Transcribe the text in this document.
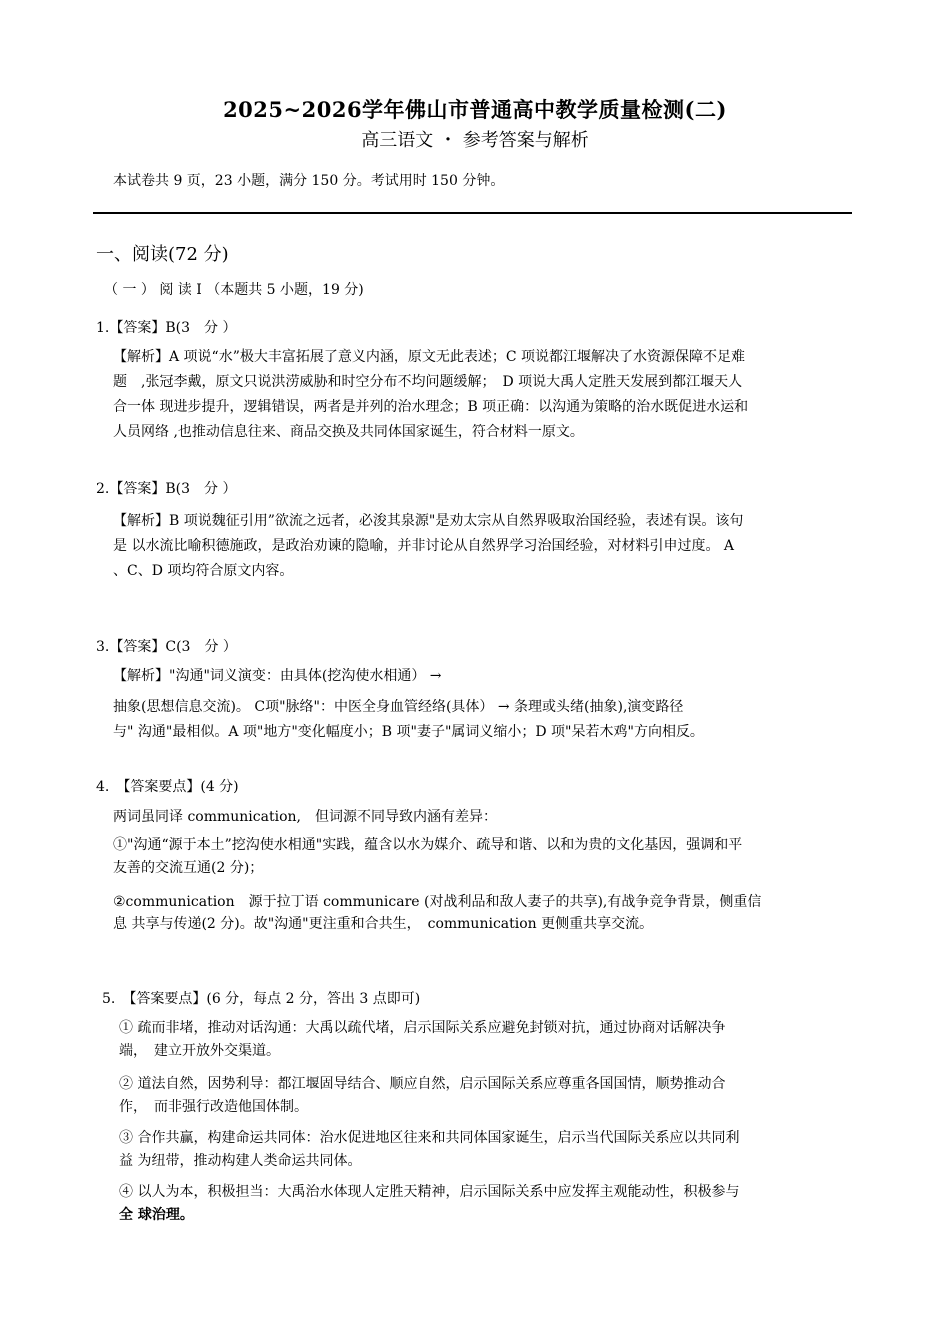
2025~2026学年佛山市普通高中教学质量检测(二)
高三语文 ・ 参考答案与解析
本试卷共 9 页，23 小题，满分 150 分。考试用时 150 分钟。
一、阅读(72 分)
（ 一 ） 阅 读 I （本题共 5 小题，19 分)
1.【答案】B(3　分 ）
【解析】A 项说“水”极大丰富拓展了意义内涵，原文无此表述；C 项说都江堰解决了水资源保障不足难
题　,张冠李戴，原文只说洪涝威胁和时空分布不均问题缓解；　D 项说大禹人定胜天发展到都江堰天人
合一体 现进步提升，逻辑错误，两者是并列的治水理念；B 项正确：以沟通为策略的治水既促进水运和
人员网络 ,也推动信息往来、商品交换及共同体国家诞生，符合材料一原文。
2.【答案】B(3　分 ）
【解析】B 项说魏征引用”欲流之远者，必浚其泉源"是劝太宗从自然界吸取治国经验，表述有误。该句
是 以水流比喻积德施政，是政治劝谏的隐喻，并非讨论从自然界学习治国经验，对材料引申过度。 A
、C、D 项均符合原文内容。
3.【答案】C(3　分 ）
【解析】"沟通"词义演变：由具体(挖沟使水相通） →
抽象(思想信息交流)。 C项"脉络"：中医全身血管经络(具体） → 条理或头绪(抽象),演变路径
与" 沟通"最相似。A 项"地方"变化幅度小；B 项"妻子"属词义缩小；D 项"呆若木鸡"方向相反。
4.　【答案要点】(4 分)
两词虽同译 communication,　但词源不同导致内涵有差异：
①"沟通“源于本土”挖沟使水相通"实践，蕴含以水为媒介、疏导和谐、以和为贵的文化基因，强调和平
友善的交流互通(2 分)；
②communication　源于拉丁语 communicare (对战利品和敌人妻子的共享),有战争竞争背景，侧重信
息 共享与传递(2 分)。故"沟通"更注重和合共生，　communication 更侧重共享交流。
5.　【答案要点】(6 分，每点 2 分，答出 3 点即可)
① 疏而非堵，推动对话沟通：大禹以疏代堵，启示国际关系应避免封锁对抗，通过协商对话解决争
端，　建立开放外交渠道。
② 道法自然，因势利导：都江堰固导结合、顺应自然，启示国际关系应尊重各国国情，顺势推动合
作，　而非强行改造他国体制。
③ 合作共赢，构建命运共同体：治水促进地区往来和共同体国家诞生，启示当代国际关系应以共同利
益 为纽带，推动构建人类命运共同体。
④ 以人为本，积极担当：大禹治水体现人定胜天精神，启示国际关系中应发挥主观能动性，积极参与
全 球治理。
